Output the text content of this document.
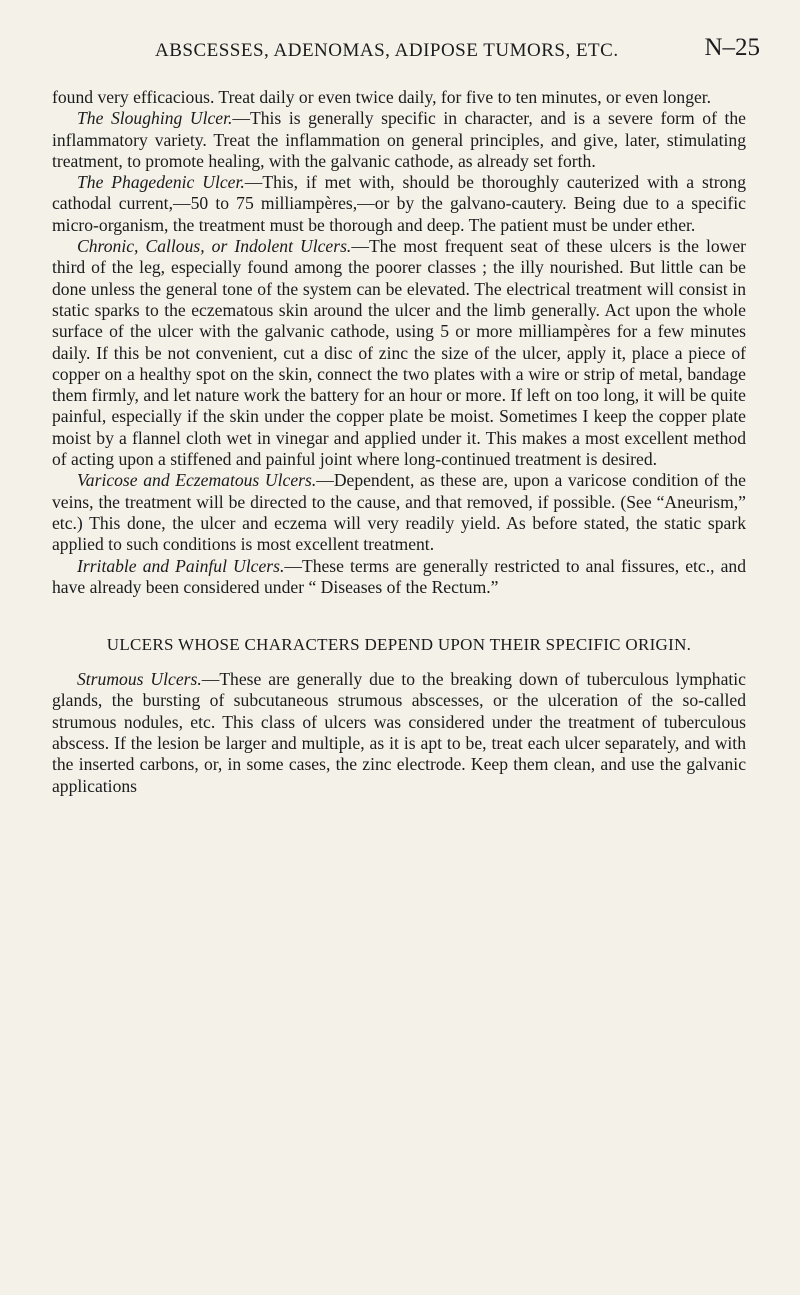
ABSCESSES, ADENOMAS, ADIPOSE TUMORS, ETC.	N–25

found very efficacious. Treat daily or even twice daily, for five to ten minutes, or even longer.

The Sloughing Ulcer.—This is generally specific in character, and is a severe form of the inflammatory variety. Treat the inflammation on general principles, and give, later, stimulating treatment, to promote healing, with the galvanic cathode, as already set forth.

The Phagedenic Ulcer.—This, if met with, should be thoroughly cauterized with a strong cathodal current,—50 to 75 milliampères,—or by the galvano-cautery. Being due to a specific micro-organism, the treatment must be thorough and deep. The patient must be under ether.

Chronic, Callous, or Indolent Ulcers.—The most frequent seat of these ulcers is the lower third of the leg, especially found among the poorer classes ; the illy nourished. But little can be done unless the general tone of the system can be elevated. The electrical treatment will consist in static sparks to the eczematous skin around the ulcer and the limb generally. Act upon the whole surface of the ulcer with the galvanic cathode, using 5 or more milliampères for a few minutes daily. If this be not convenient, cut a disc of zinc the size of the ulcer, apply it, place a piece of copper on a healthy spot on the skin, connect the two plates with a wire or strip of metal, bandage them firmly, and let nature work the battery for an hour or more. If left on too long, it will be quite painful, especially if the skin under the copper plate be moist. Sometimes I keep the copper plate moist by a flannel cloth wet in vinegar and applied under it. This makes a most excellent method of acting upon a stiffened and painful joint where long-continued treatment is desired.

Varicose and Eczematous Ulcers.—Dependent, as these are, upon a varicose condition of the veins, the treatment will be directed to the cause, and that removed, if possible. (See “Aneurism,” etc.) This done, the ulcer and eczema will very readily yield. As before stated, the static spark applied to such conditions is most excellent treatment.

Irritable and Painful Ulcers.—These terms are generally restricted to anal fissures, etc., and have already been considered under “ Diseases of the Rectum.”

ULCERS WHOSE CHARACTERS DEPEND UPON THEIR SPECIFIC ORIGIN.

Strumous Ulcers.—These are generally due to the breaking down of tuberculous lymphatic glands, the bursting of subcutaneous strumous abscesses, or the ulceration of the so-called strumous nodules, etc. This class of ulcers was considered under the treatment of tuberculous abscess. If the lesion be larger and multiple, as it is apt to be, treat each ulcer separately, and with the inserted carbons, or, in some cases, the zinc electrode. Keep them clean, and use the galvanic applications
